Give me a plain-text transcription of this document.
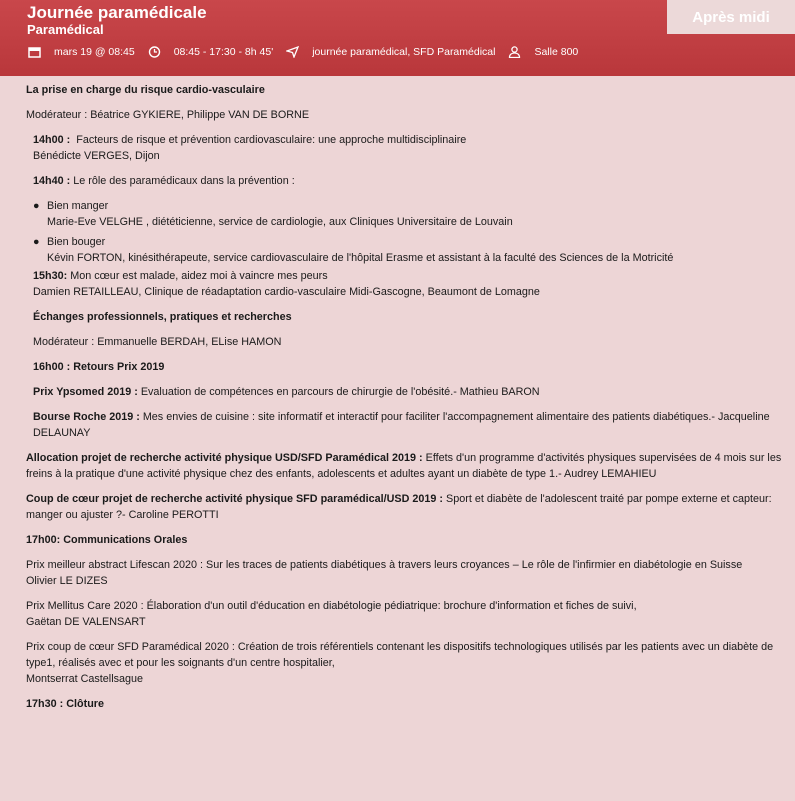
Journée paramédicale
Paramédical
Après midi
mars 19 @ 08:45	08:45 - 17:30 - 8h 45'	journée paramédical, SFD Paramédical	Salle 800

La prise en charge du risque cardio-vasculaire

Modérateur : Béatrice GYKIERE, Philippe VAN DE BORNE

14h00 : Facteurs de risque et prévention cardiovasculaire: une approche multidisciplinaire
Bénédicte VERGES, Dijon

14h40 : Le rôle des paramédicaux dans la prévention :

● Bien manger
Marie-Eve VELGHE , diététicienne, service de cardiologie, aux Cliniques Universitaire de Louvain
● Bien bouger
Kévin FORTON, kinésithérapeute, service cardiovasculaire de l'hôpital Erasme et assistant à la faculté des Sciences de la Motricité

15h30: Mon cœur est malade, aidez moi à vaincre mes peurs
Damien RETAILLEAU, Clinique de réadaptation cardio-vasculaire Midi-Gascogne, Beaumont de Lomagne

Échanges professionnels, pratiques et recherches

Modérateur : Emmanuelle BERDAH, ELise HAMON

16h00 : Retours Prix 2019

Prix Ypsomed 2019 : Evaluation de compétences en parcours de chirurgie de l'obésité.- Mathieu BARON

Bourse Roche 2019 : Mes envies de cuisine : site informatif et interactif pour faciliter l'accompagnement alimentaire des patients diabétiques.- Jacqueline DELAUNAY

Allocation projet de recherche activité physique USD/SFD Paramédical 2019 : Effets d'un programme d'activités physiques supervisées de 4 mois sur les freins à la pratique d'une activité physique chez des enfants, adolescents et adultes ayant un diabète de type 1.- Audrey LEMAHIEU

Coup de cœur projet de recherche activité physique SFD paramédical/USD 2019 : Sport et diabète de l'adolescent traité par pompe externe et capteur: manger ou ajuster ?- Caroline PEROTTI

17h00: Communications Orales

Prix meilleur abstract Lifescan 2020 : Sur les traces de patients diabétiques à travers leurs croyances – Le rôle de l'infirmier en diabétologie en Suisse
Olivier LE DIZES

Prix Mellitus Care 2020 : Élaboration d'un outil d'éducation en diabétologie pédiatrique: brochure d'information et fiches de suivi,
Gaëtan DE VALENSART

Prix coup de cœur SFD Paramédical 2020 : Création de trois référentiels contenant les dispositifs technologiques utilisés par les patients avec un diabète de type1, réalisés avec et pour les soignants d'un centre hospitalier,
Montserrat Castellsague

17h30 : Clôture
